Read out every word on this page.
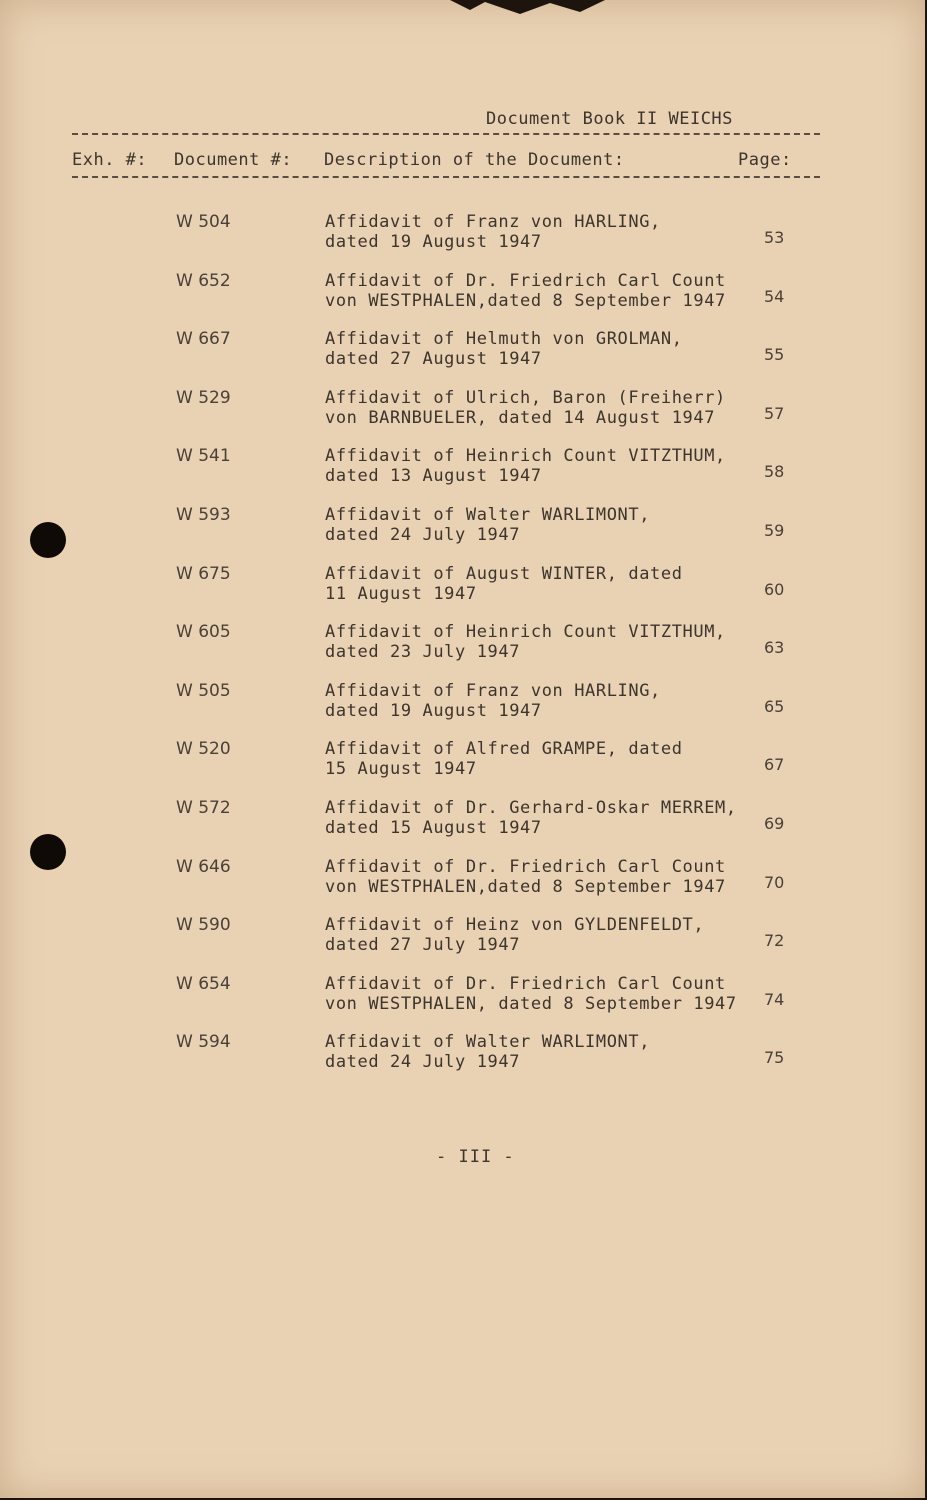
Document Book II WEICHS
Exh. #: Document #: Description of the Document:	Page:
W 504	Affidavit of Franz von HARLING,
dated 19 August 1947	53
W 652	Affidavit of Dr. Friedrich Carl Count
von WESTPHALEN,dated 8 September 1947 54
W 667	Affidavit of Helmuth von GROLMAN,
dated 27 August 1947	55
W 529	Affidavit of Ulrich, Baron (Freiherr)
von BARNBUELER, dated 14 August 1947	57
W 541	Affidavit of Heinrich Count VITZTHUM,
dated 13 August 1947	58
W 593	Affidavit of Walter WARLIMONT,
dated 24 July 1947	59
W 675	Affidavit of August WINTER, dated
11 August 1947	60
W 605	Affidavit of Heinrich Count VITZTHUM,
dated 23 July 1947	63
W 505	Affidavit of Franz von HARLING,
dated 19 August 1947	65
W 520	Affidavit of Alfred GRAMPE, dated
15 August 1947	67
W 572	Affidavit of Dr. Gerhard-Oskar MERREM,
dated 15 August 1947	69
W 646	Affidavit of Dr. Friedrich Carl Count
von WESTPHALEN,dated 8 September 1947 70
W 590	Affidavit of Heinz von GYLDENFELDT,
dated 27 July 1947	72
W 654	Affidavit of Dr. Friedrich Carl Count
von WESTPHALEN, dated 8 September 1947 74
W 594	Affidavit of Walter WARLIMONT,
dated 24 July 1947	75
- III -
